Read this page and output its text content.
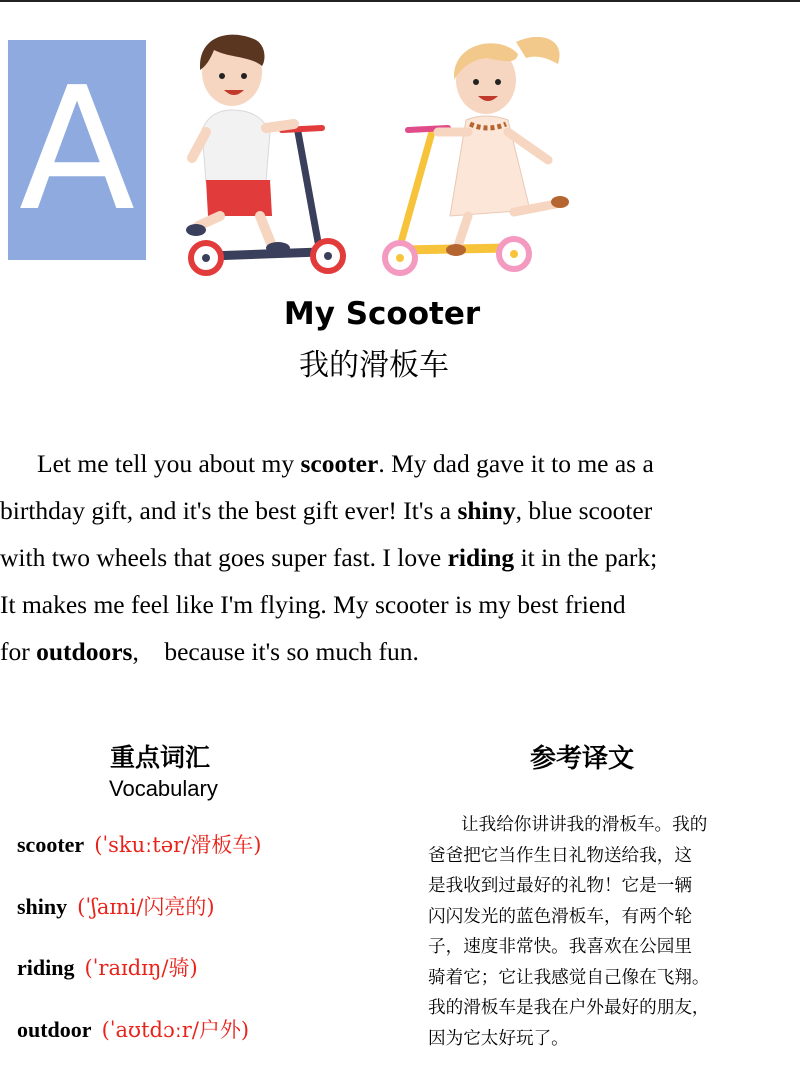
A
My Scooter
我的滑板车
Let me tell you about my scooter. My dad gave it to me as a
birthday gift, and it's the best gift ever! It's a shiny, blue scooter
with two wheels that goes super fast. I love riding it in the park;
It makes me feel like I'm flying. My scooter is my best friend
for outdoors,    because it's so much fun.
重点词汇
Vocabulary
scooter (ˈskuːtər/滑板车)
shiny (ˈʃaɪni/闪亮的)
riding (ˈraɪdɪŋ/骑)
outdoor (ˈaʊtdɔːr/户外)
参考译文
让我给你讲讲我的滑板车。我的
爸爸把它当作生日礼物送给我，这
是我收到过最好的礼物！它是一辆
闪闪发光的蓝色滑板车，有两个轮
子，速度非常快。我喜欢在公园里
骑着它；它让我感觉自己像在飞翔。
我的滑板车是我在户外最好的朋友，
因为它太好玩了。
